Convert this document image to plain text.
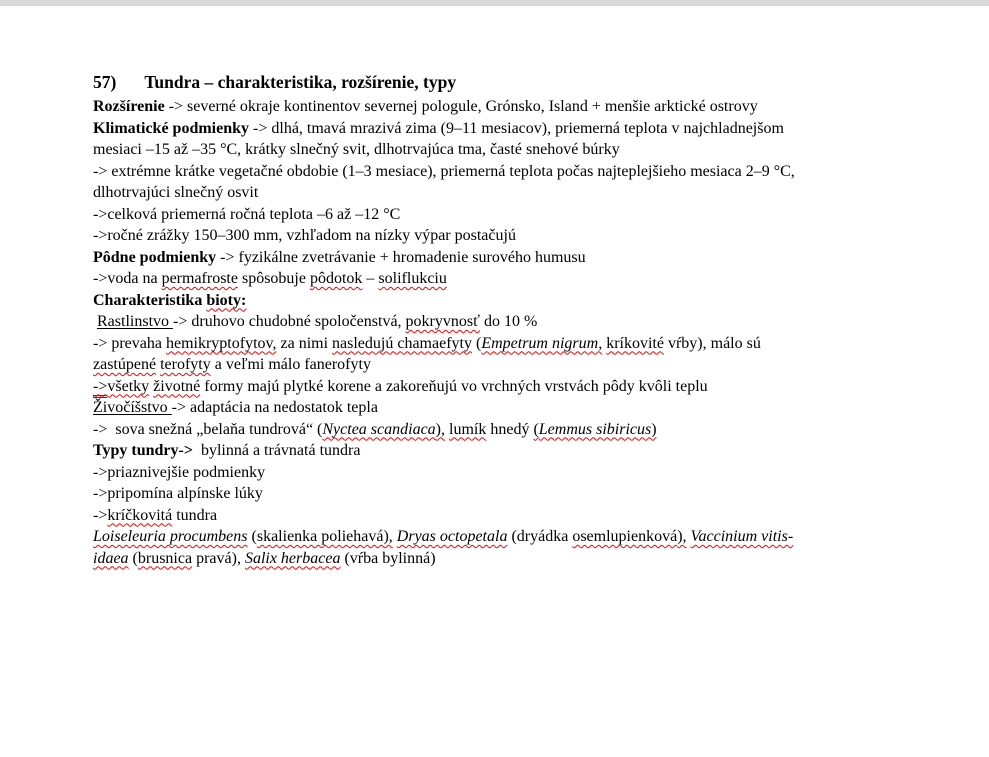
57) Tundra – charakteristika, rozšírenie, typy
Rozšírenie -> severné okraje kontinentov severnej pologule, Grónsko, Island + menšie arktické ostrovy
Klimatické podmienky -> dlhá, tmavá mrazivá zima (9–11 mesiacov), priemerná teplota v najchladnejšom
mesiaci –15 až –35 °C, krátky slnečný svit, dlhotrvajúca tma, časté snehové búrky
-> extrémne krátke vegetačné obdobie (1–3 mesiace), priemerná teplota počas najteplejšieho mesiaca 2–9 °C,
dlhotrvajúci slnečný osvit
->celková priemerná ročná teplota –6 až –12 °C
->ročné zrážky 150–300 mm, vzhľadom na nízky výpar postačujú
Pôdne podmienky -> fyzikálne zvetrávanie + hromadenie surového humusu
->voda na permafroste spôsobuje pôdotok – soliflukciu
Charakteristika bioty:
Rastlinstvo -> druhovo chudobné spoločenstvá, pokryvnosť do 10 %
-> prevaha hemikryptofytov, za nimi nasledujú chamaefyty (Empetrum nigrum, kríkovité vŕby), málo sú
zastúpené terofyty a veľmi málo fanerofyty
->všetky životné formy majú plytké korene a zakoreňujú vo vrchných vrstvách pôdy kvôli teplu
Živočíšstvo -> adaptácia na nedostatok tepla
->  sova snežná „belaňa tundrová“ (Nyctea scandiaca), lumík hnedý (Lemmus sibiricus)
Typy tundry->  bylinná a trávnatá tundra
->priaznivejšie podmienky
->pripomína alpínske lúky
->kríčkovitá tundra
Loiseleuria procumbens (skalienka poliehavá), Dryas octopetala (dryádka osemlupienková), Vaccinium vitis-
idaea (brusnica pravá), Salix herbacea (vŕba bylinná)
